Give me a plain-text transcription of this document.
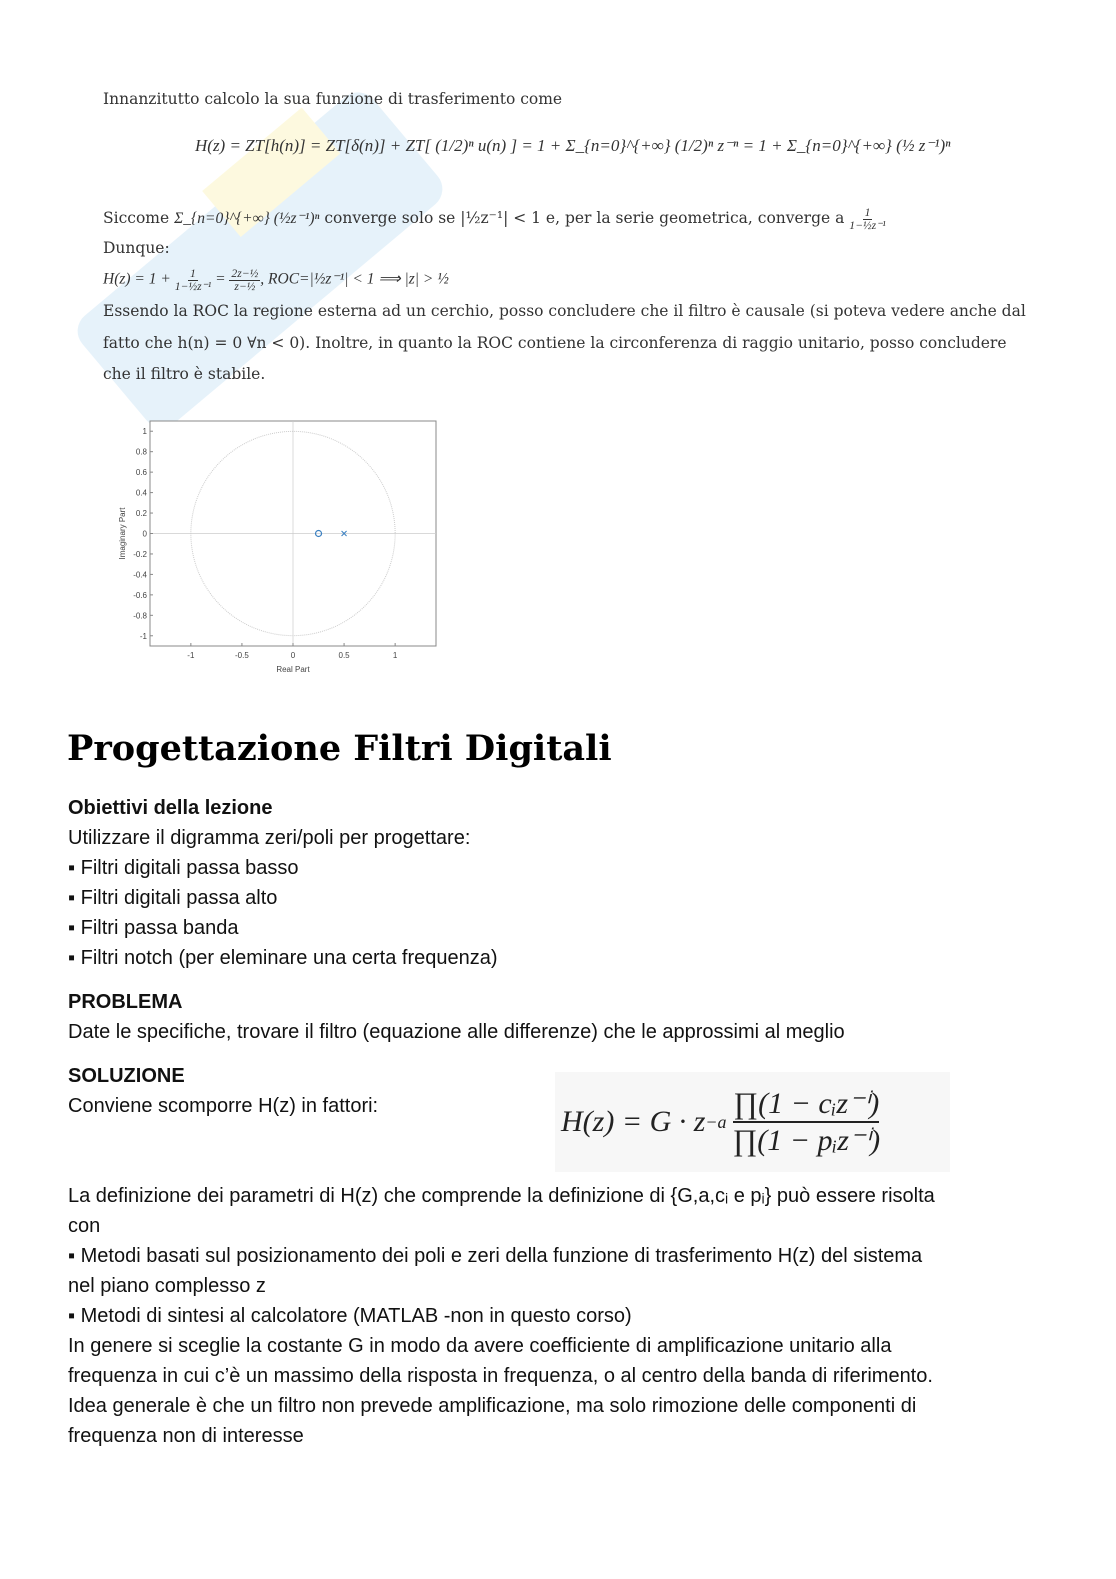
Innanzitutto calcolo la sua funzione di trasferimento come
H(z) = ZT[h(n)] = ZT[δ(n)] + ZT[ (1/2)ⁿ u(n) ] = 1 + Σ_{n=0}^{+∞} (1/2)ⁿ z⁻ⁿ = 1 + Σ_{n=0}^{+∞} (½ z⁻¹)ⁿ
Siccome Σ_{n=0}^{+∞} (½z⁻¹)ⁿ converge solo se |½z⁻¹| < 1 e, per la serie geometrica, converge a $\frac{1}{\text{1−½z⁻¹}}$
Dunque:
$H(z) = 1 + \frac{1}{\text{1−½z⁻¹}} = \frac{\text{2z−½}}{\text{z−½}}$ , ROC=|½z⁻¹| < 1 ⟹ |z| > ½
Essendo la ROC la regione esterna ad un cerchio, posso concludere che il filtro è causale (si poteva vedere anche dal
fatto che h(n) = 0 ∀n < 0). Inoltre, in quanto la ROC contiene la circonferenza di raggio unitario, posso concludere
che il filtro è stabile.
-1	-0.5	0	0.5	1
1
0.8
0.6
0.4
0.2
0
-0.2
-0.4
-0.6
-0.8
-1
Real Part
Imaginary Part
Progettazione Filtri Digitali
Obiettivi della lezione
Utilizzare il digramma zeri/poli per progettare:
▪ Filtri digitali passa basso
▪ Filtri digitali passa alto
▪ Filtri passa banda
▪ Filtri notch (per eleminare una certa frequenza)
PROBLEMA
Date le specifiche, trovare il filtro (equazione alle differenze) che le approssimi al meglio
SOLUZIONE
Conviene scomporre H(z) in fattori:	H(z) = G · z −a
∏(1 − cᵢz⁻ⁱ)
∏(1 − pᵢz⁻ⁱ)
La definizione dei parametri di H(z) che comprende la definizione di {G,a,cᵢ e pᵢ} può essere risolta
con
▪ Metodi basati sul posizionamento dei poli e zeri della funzione di trasferimento H(z) del sistema
nel piano complesso z
▪ Metodi di sintesi al calcolatore (MATLAB -non in questo corso)
In genere si sceglie la costante G in modo da avere coefficiente di amplificazione unitario alla
frequenza in cui c’è un massimo della risposta in frequenza, o al centro della banda di riferimento.
Idea generale è che un filtro non prevede amplificazione, ma solo rimozione delle componenti di
frequenza non di interesse
